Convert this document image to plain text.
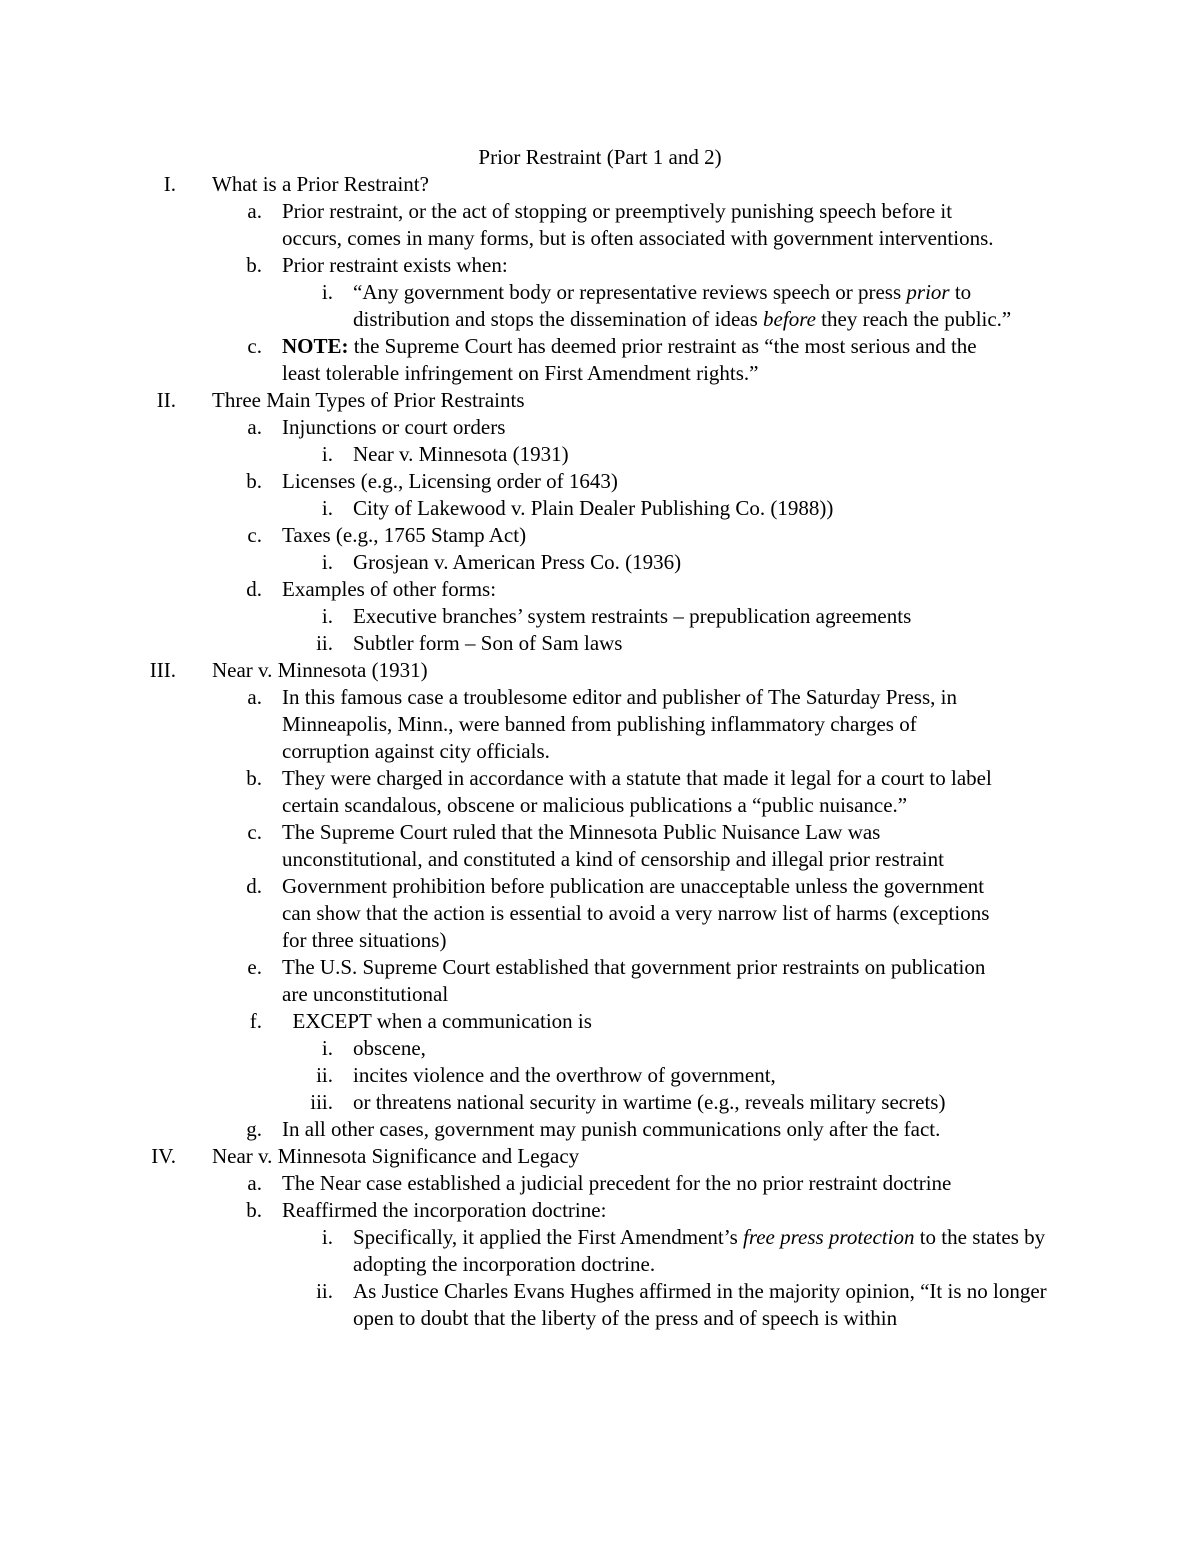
Prior Restraint (Part 1 and 2)
I. What is a Prior Restraint?
a. Prior restraint, or the act of stopping or preemptively punishing speech before it occurs, comes in many forms, but is often associated with government interventions.
b. Prior restraint exists when:
i. “Any government body or representative reviews speech or press prior to distribution and stops the dissemination of ideas before they reach the public.”
c. NOTE: the Supreme Court has deemed prior restraint as “the most serious and the least tolerable infringement on First Amendment rights.”
II. Three Main Types of Prior Restraints
a. Injunctions or court orders
i. Near v. Minnesota (1931)
b. Licenses (e.g., Licensing order of 1643)
i. City of Lakewood v. Plain Dealer Publishing Co. (1988))
c. Taxes (e.g., 1765 Stamp Act)
i. Grosjean v. American Press Co. (1936)
d. Examples of other forms:
i. Executive branches’ system restraints – prepublication agreements
ii. Subtler form – Son of Sam laws
III. Near v. Minnesota (1931)
a. In this famous case a troublesome editor and publisher of The Saturday Press, in Minneapolis, Minn., were banned from publishing inflammatory charges of corruption against city officials.
b. They were charged in accordance with a statute that made it legal for a court to label certain scandalous, obscene or malicious publications a “public nuisance.”
c. The Supreme Court ruled that the Minnesota Public Nuisance Law was unconstitutional, and constituted a kind of censorship and illegal prior restraint
d. Government prohibition before publication are unacceptable unless the government can show that the action is essential to avoid a very narrow list of harms (exceptions for three situations)
e. The U.S. Supreme Court established that government prior restraints on publication are unconstitutional
f. EXCEPT when a communication is
i. obscene,
ii. incites violence and the overthrow of government,
iii. or threatens national security in wartime (e.g., reveals military secrets)
g. In all other cases, government may punish communications only after the fact.
IV. Near v. Minnesota Significance and Legacy
a. The Near case established a judicial precedent for the no prior restraint doctrine
b. Reaffirmed the incorporation doctrine:
i. Specifically, it applied the First Amendment’s free press protection to the states by adopting the incorporation doctrine.
ii. As Justice Charles Evans Hughes affirmed in the majority opinion, “It is no longer open to doubt that the liberty of the press and of speech is within
